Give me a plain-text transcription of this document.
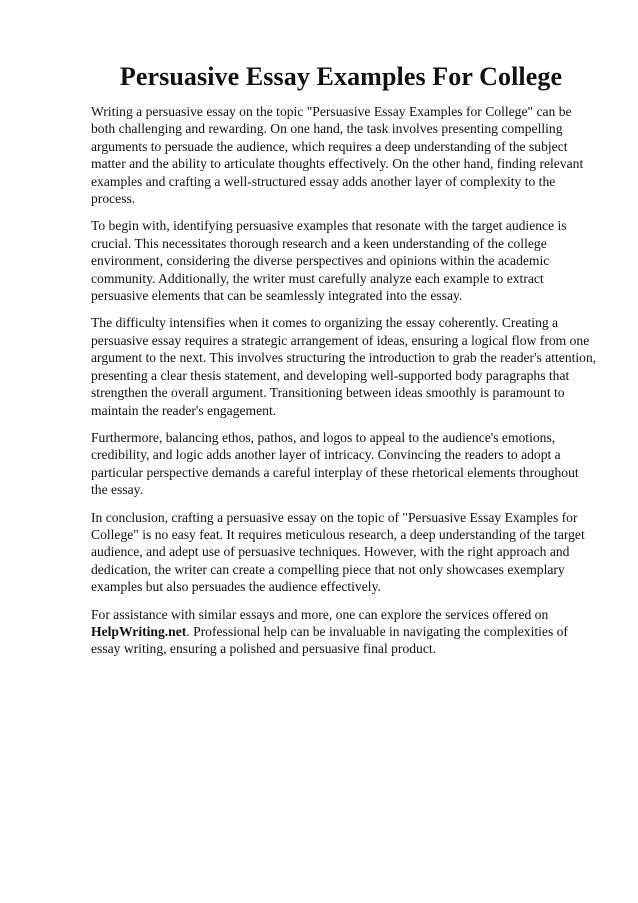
Persuasive Essay Examples For College

Writing a persuasive essay on the topic "Persuasive Essay Examples for College" can be both challenging and rewarding. On one hand, the task involves presenting compelling arguments to persuade the audience, which requires a deep understanding of the subject matter and the ability to articulate thoughts effectively. On the other hand, finding relevant examples and crafting a well-structured essay adds another layer of complexity to the process.

To begin with, identifying persuasive examples that resonate with the target audience is crucial. This necessitates thorough research and a keen understanding of the college environment, considering the diverse perspectives and opinions within the academic community. Additionally, the writer must carefully analyze each example to extract persuasive elements that can be seamlessly integrated into the essay.

The difficulty intensifies when it comes to organizing the essay coherently. Creating a persuasive essay requires a strategic arrangement of ideas, ensuring a logical flow from one argument to the next. This involves structuring the introduction to grab the reader's attention, presenting a clear thesis statement, and developing well-supported body paragraphs that strengthen the overall argument. Transitioning between ideas smoothly is paramount to maintain the reader's engagement.

Furthermore, balancing ethos, pathos, and logos to appeal to the audience's emotions, credibility, and logic adds another layer of intricacy. Convincing the readers to adopt a particular perspective demands a careful interplay of these rhetorical elements throughout the essay.

In conclusion, crafting a persuasive essay on the topic of "Persuasive Essay Examples for College" is no easy feat. It requires meticulous research, a deep understanding of the target audience, and adept use of persuasive techniques. However, with the right approach and dedication, the writer can create a compelling piece that not only showcases exemplary examples but also persuades the audience effectively.

For assistance with similar essays and more, one can explore the services offered on HelpWriting.net. Professional help can be invaluable in navigating the complexities of essay writing, ensuring a polished and persuasive final product.
